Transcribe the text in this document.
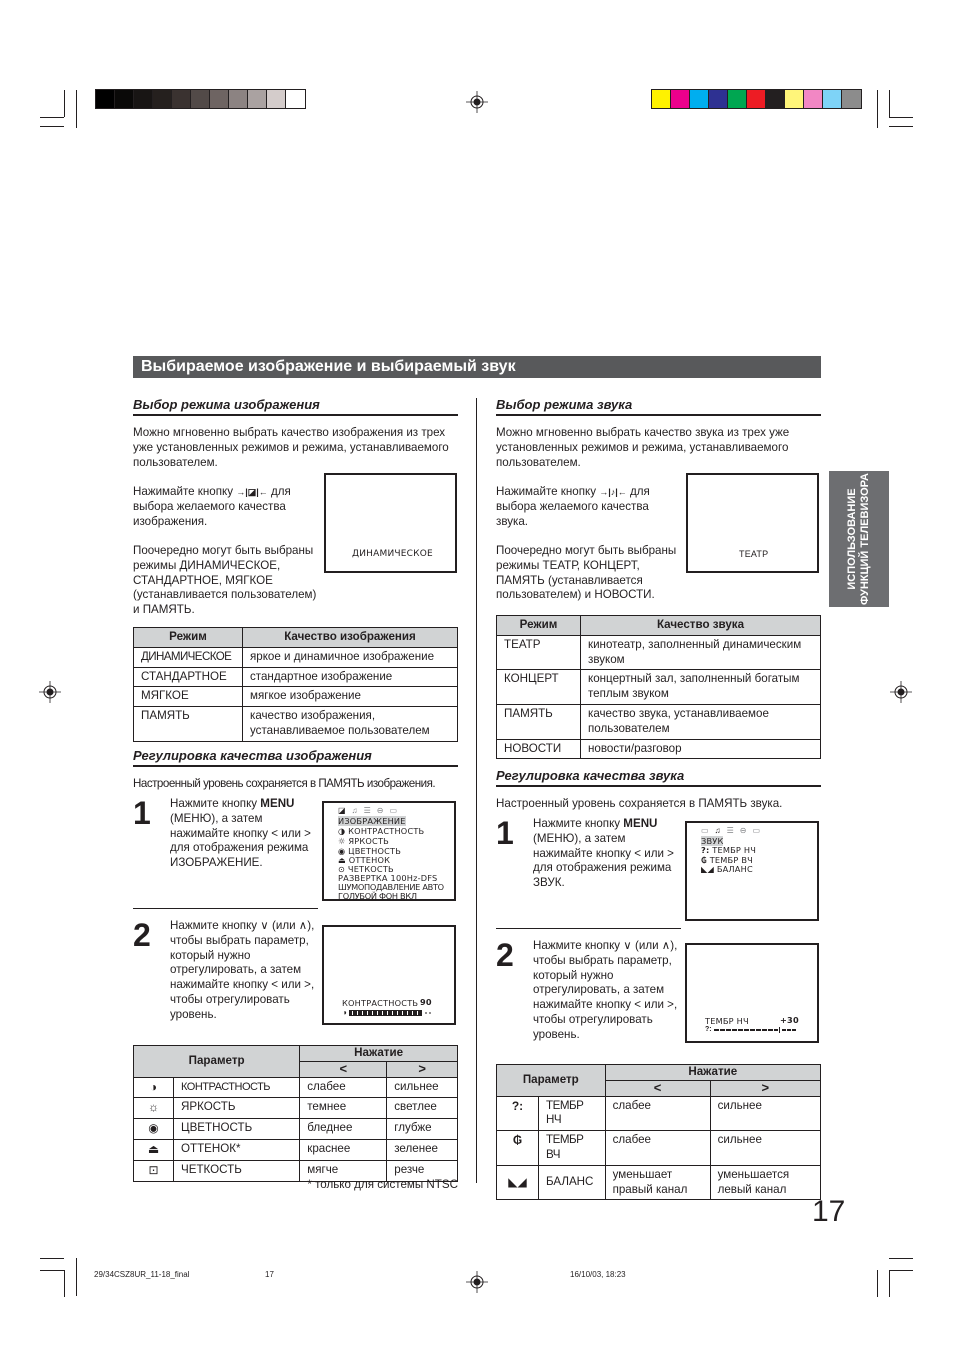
Выбираемое изображение и выбираемый звук
ИСПОЛЬЗОВАНИЕ ФУНКЦИЙ ТЕЛЕВИЗОРА
Выбор режима изображения
Можно мгновенно выбрать качество изображения из трех уже установленных режимов и режима, устанавливаемого пользователем.
Нажимайте кнопку →|◪|← для выбора желаемого качества изображения.
Поочередно могут быть выбраны режимы ДИНАМИЧЕСКОЕ, СТАНДАРТНОЕ, МЯГКОЕ (устанавливается пользователем) и ПАМЯТЬ.
ДИНАМИЧЕСКОЕ
Режим	Качество изображения
ДИНАМИЧЕСКОЕ	яркое и динамичное изображение
СТАНДАРТНОЕ	стандартное изображение
МЯГКОЕ	мягкое изображение
ПАМЯТЬ	качество изображения, устанавливаемое пользователем
Регулировка качества изображения
Настроенный уровень сохраняется в ПАМЯТЬ изображения.
1 Нажмите кнопку MENU (МЕНЮ), а затем нажимайте кнопку < или > для отображения режима ИЗОБРАЖЕНИЕ.
◪♫☰⊖▭
ИЗОБРАЖЕНИЕ
◑ КОНТРАСТНОСТЬ
☼ ЯРКОСТЬ
◉ ЦВЕТНОСТЬ
⏏ ОТТЕНОК
⊙ ЧЕТКОСТЬ
РАЗВЕРТКА 100Hz-DFS
ШУМОПОДАВЛЕНИЕ АВТО
ГОЛУБОЙ ФОН ВКЛ
2 Нажмите кнопку ∨ (или ∧), чтобы выбрать параметр, который нужно отрегулировать, а затем нажимайте кнопку < или >, чтобы отрегулировать уровень.
КОНТРАСТНОСТЬ 90
◑
Параметр		Нажатие	
		<	>
◑	КОНТРАСТНОСТЬ	слабее	сильнее
☼	ЯРКОСТЬ	темнее	светлее
◉	ЦВЕТНОСТЬ	бледнее	глубже
⏏	ОТТЕНОК*	краснее	зеленее
⊡	ЧЕТКОСТЬ	мягче	резче
* только для системы NTSC
Выбор режима звука
Можно мгновенно выбрать качество звука из трех уже установленных режимов и режима, устанавливаемого пользователем.
Нажимайте кнопку →|♪|← для выбора желаемого качества звука.
Поочередно могут быть выбраны режимы ТЕАТР, КОНЦЕРТ, ПАМЯТЬ (устанавливается пользователем) и НОВОСТИ.
ТЕАТР
Режим	Качество звука
ТЕАТР	кинотеатр, заполненный динамическим звуком
КОНЦЕРТ	концертный зал, заполненный богатым теплым звуком
ПАМЯТЬ	качество звука, устанавливаемое пользователем
НОВОСТИ	новости/разговор
Регулировка качества звука
Настроенный уровень сохраняется в ПАМЯТЬ звука.
1 Нажмите кнопку MENU (МЕНЮ), а затем нажимайте кнопку < или > для отображения режима ЗВУК.
▭♫☰⊖▭
ЗВУК
?: ТЕМБР НЧ
₲ ТЕМБР ВЧ
◣◢ БАЛАНС
2 Нажмите кнопку ∨ (или ∧), чтобы выбрать параметр, который нужно отрегулировать, а затем нажимайте кнопку < или >, чтобы отрегулировать уровень.
ТЕМБР НЧ	+30
?:
Параметр		Нажатие	
		<	>
?:	ТЕМБР НЧ	слабее	сильнее
₲	ТЕМБР ВЧ	слабее	сильнее
◣◢	БАЛАНС	уменьшает правый канал	уменьшается левый канал
17
29/34CSZ8UR_11-18_final	17	16/10/03, 18:23
